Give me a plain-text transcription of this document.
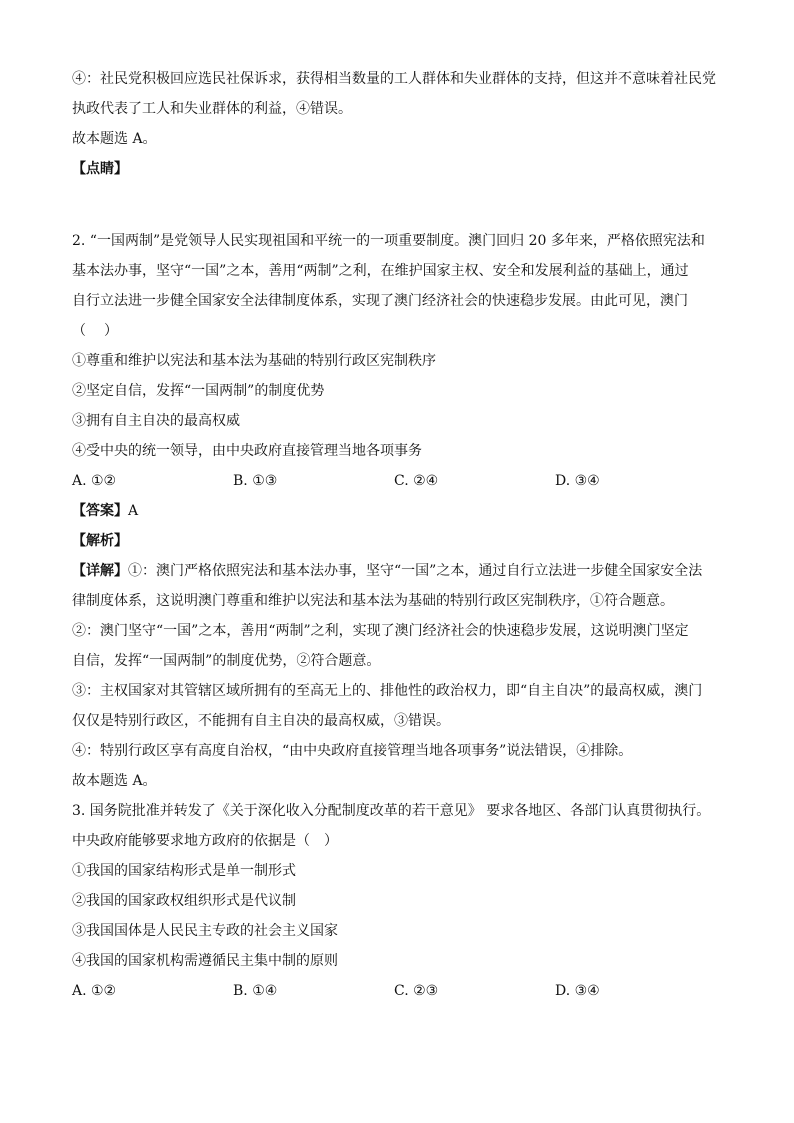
④：社民党积极回应选民社保诉求，获得相当数量的工人群体和失业群体的支持，但这并不意味着社民党
执政代表了工人和失业群体的利益，④错误。
故本题选 A。
【点睛】
2. “一国两制”是党领导人民实现祖国和平统一的一项重要制度。澳门回归 20 多年来，严格依照宪法和
基本法办事，坚守“一国”之本，善用“两制”之利，在维护国家主权、安全和发展利益的基础上，通过
自行立法进一步健全国家安全法律制度体系，实现了澳门经济社会的快速稳步发展。由此可见，澳门
（　）
①尊重和维护以宪法和基本法为基础的特别行政区宪制秩序
②坚定自信，发挥“一国两制”的制度优势
③拥有自主自决的最高权威
④受中央的统一领导，由中央政府直接管理当地各项事务
A. ①②	B. ①③	C. ②④	D. ③④
【答案】A
【解析】
【详解】①：澳门严格依照宪法和基本法办事，坚守“一国”之本，通过自行立法进一步健全国家安全法
律制度体系，这说明澳门尊重和维护以宪法和基本法为基础的特别行政区宪制秩序，①符合题意。
②：澳门坚守“一国”之本，善用“两制”之利，实现了澳门经济社会的快速稳步发展，这说明澳门坚定
自信，发挥“一国两制”的制度优势，②符合题意。
③：主权国家对其管辖区域所拥有的至高无上的、排他性的政治权力，即“自主自决”的最高权威，澳门
仅仅是特别行政区，不能拥有自主自决的最高权威，③错误。
④：特别行政区享有高度自治权，“由中央政府直接管理当地各项事务”说法错误，④排除。
故本题选 A。
3. 国务院批准并转发了《关于深化收入分配制度改革的若干意见》 要求各地区、各部门认真贯彻执行。
中央政府能够要求地方政府的依据是（　）
①我国的国家结构形式是单一制形式
②我国的国家政权组织形式是代议制
③我国国体是人民民主专政的社会主义国家
④我国的国家机构需遵循民主集中制的原则
A. ①②	B. ①④	C. ②③	D. ③④
